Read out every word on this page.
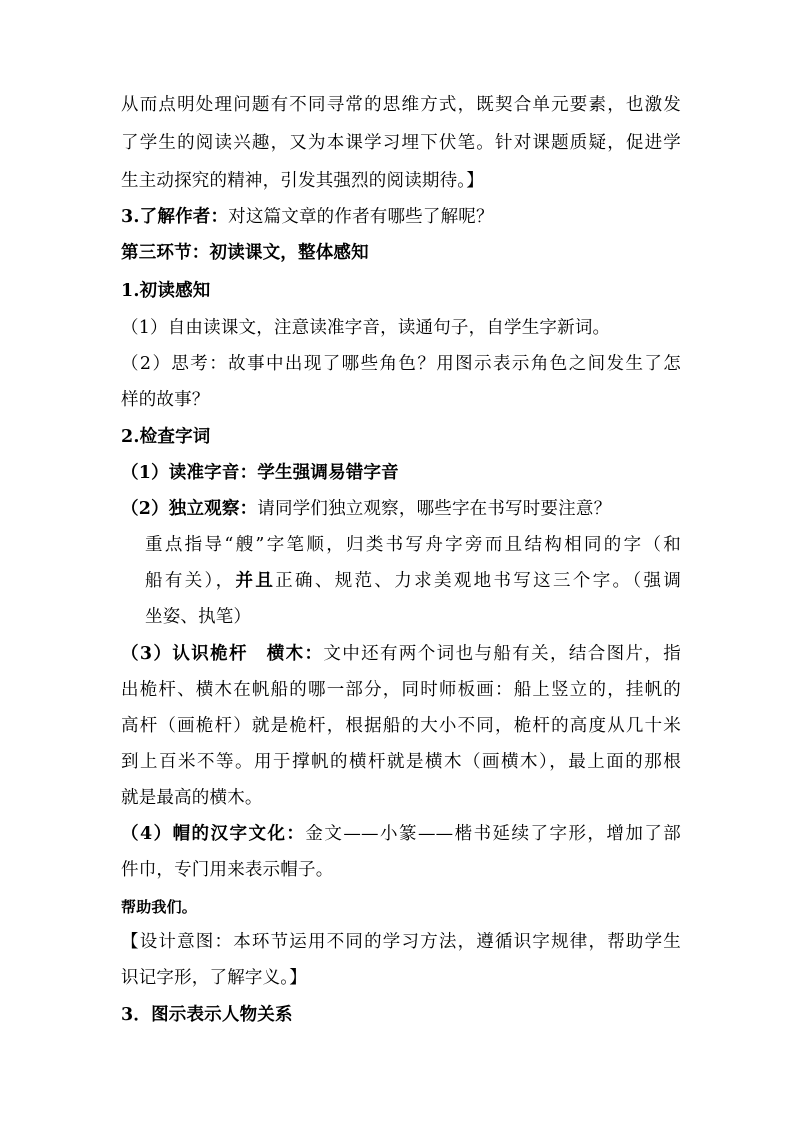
从而点明处理问题有不同寻常的思维方式，既契合单元要素，也激发
了学生的阅读兴趣，又为本课学习埋下伏笔。针对课题质疑，促进学
生主动探究的精神，引发其强烈的阅读期待。】
3.了解作者：对这篇文章的作者有哪些了解呢？
第三环节：初读课文，整体感知
1.初读感知
（1）自由读课文，注意读准字音，读通句子，自学生字新词。
（2）思考：故事中出现了哪些角色？用图示表示角色之间发生了怎
样的故事？
2.检查字词
（1）读准字音：学生强调易错字音
（2）独立观察：请同学们独立观察，哪些字在书写时要注意？
重点指导“艘”字笔顺，归类书写舟字旁而且结构相同的字（和
船有关），并且正确、规范、力求美观地书写这三个字。（强调
坐姿、执笔）
（3）认识桅杆　横木：文中还有两个词也与船有关，结合图片，指
出桅杆、横木在帆船的哪一部分，同时师板画：船上竖立的，挂帆的
高杆（画桅杆）就是桅杆，根据船的大小不同，桅杆的高度从几十米
到上百米不等。用于撑帆的横杆就是横木（画横木），最上面的那根
就是最高的横木。
（4）帽的汉字文化：金文——小篆——楷书延续了字形，增加了部
件巾，专门用来表示帽子。
帮助我们。
【设计意图：本环节运用不同的学习方法，遵循识字规律，帮助学生
识记字形，了解字义。】
3．图示表示人物关系
